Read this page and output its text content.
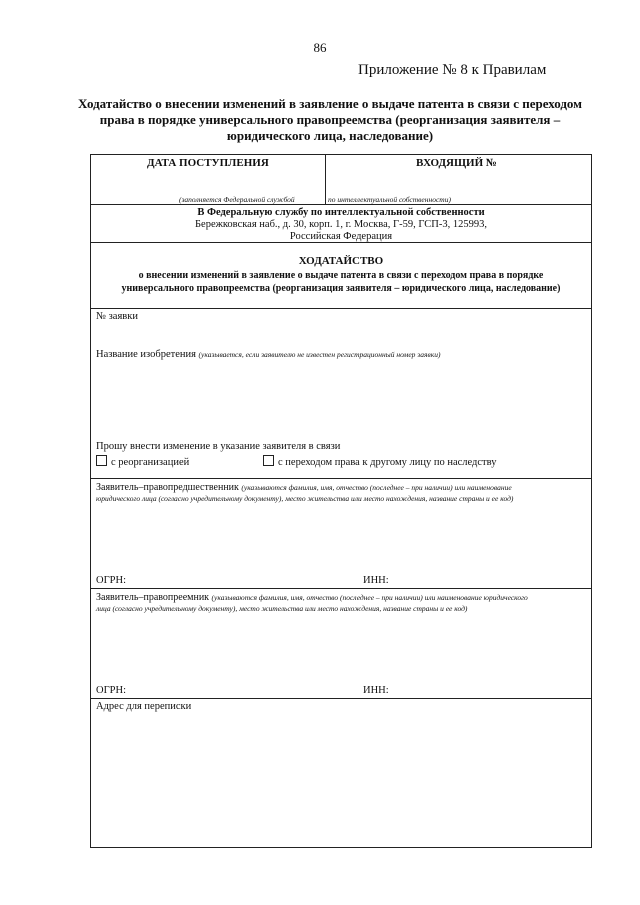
86
Приложение № 8 к Правилам
Ходатайство о внесении изменений в заявление о выдаче патента в связи с переходом
права в порядке универсального правопреемства (реорганизация заявителя –
юридического лица, наследование)
ДАТА ПОСТУПЛЕНИЯ	ВХОДЯЩИЙ №
(заполняется Федеральной службой	по интеллектуальной собственности)
В Федеральную службу по интеллектуальной собственности
Бережковская наб., д. 30, корп. 1, г. Москва, Г-59, ГСП-3, 125993,
Российская Федерация
ХОДАТАЙСТВО
о внесении изменений в заявление о выдаче патента в связи с переходом права в порядке
универсального правопреемства (реорганизация заявителя – юридического лица, наследование)
№ заявки
Название изобретения (указывается, если заявителю не известен регистрационный номер заявки)
Прошу внести изменение в указание заявителя в связи
с реорганизацией	с переходом права к другому лицу по наследству
Заявитель–правопредшественник (указываются фамилия, имя, отчество (последнее – при наличии) или наименование
юридического лица (согласно учредительному документу), место жительства или место нахождения, название страны и ее код)
ОГРН:	ИНН:
Заявитель–правопреемник (указываются фамилия, имя, отчество (последнее – при наличии) или наименование юридического
лица (согласно учредительному документу), место жительства или место нахождения, название страны и ее код)
ОГРН:	ИНН:
Адрес для переписки
